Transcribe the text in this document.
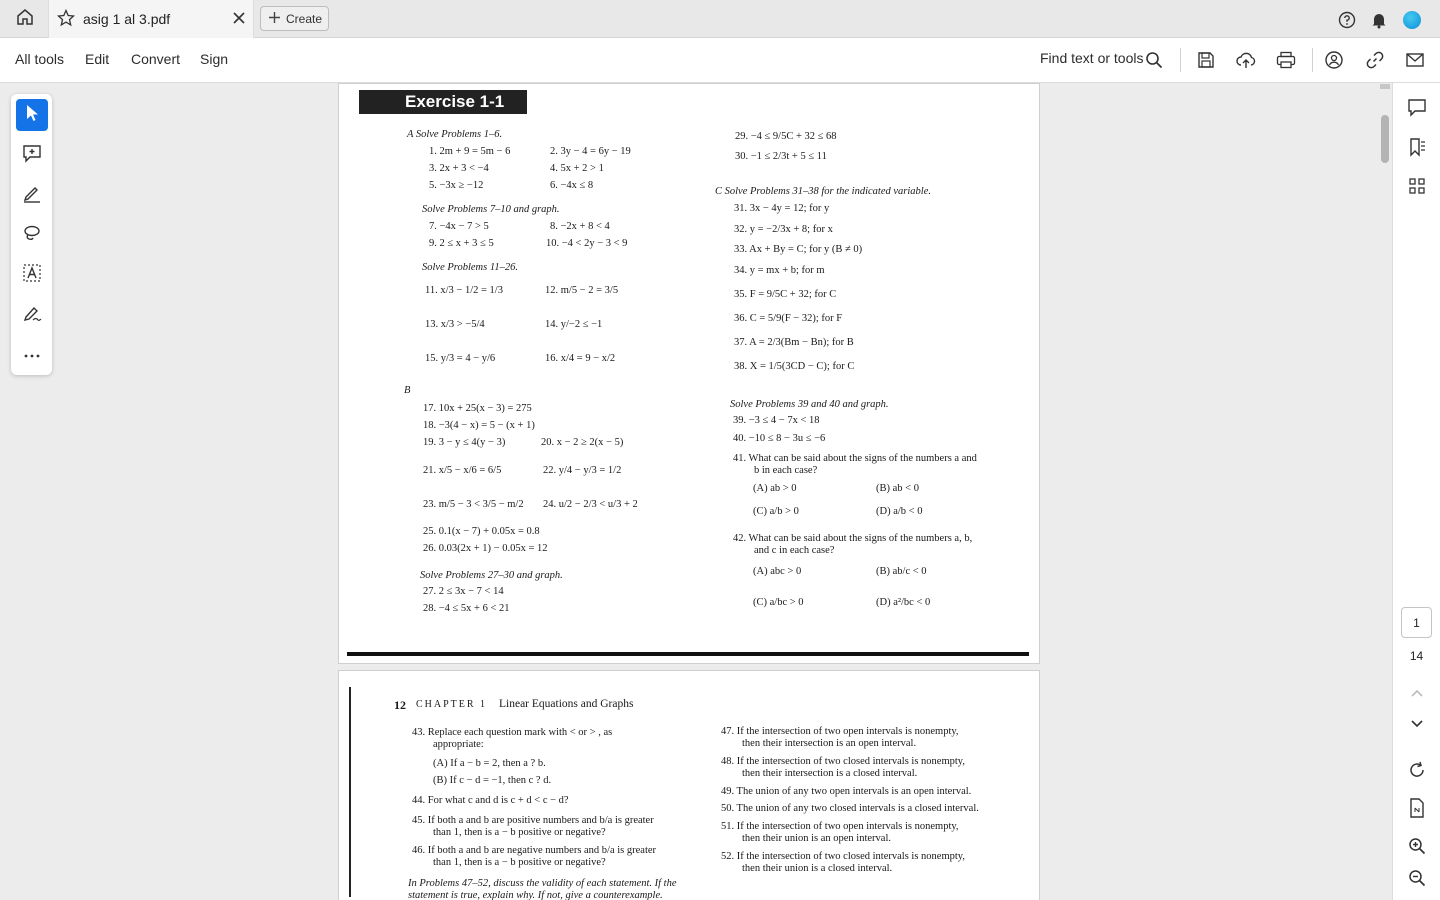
asig 1 al 3.pdf	Create
All tools Edit Convert Sign	Find text or tools
Exercise 1-1
A Solve Problems 1–6.
1. 2m + 9 = 5m − 6	2. 3y − 4 = 6y − 19
3. 2x + 3 < −4	4. 5x + 2 > 1
5. −3x ≥ −12	6. −4x ≤ 8
Solve Problems 7–10 and graph.
7. −4x − 7 > 5	8. −2x + 8 < 4
9. 2 ≤ x + 3 ≤ 5	10. −4 < 2y − 3 < 9
Solve Problems 11–26.
11. x/3 − 1/2 = 1/3	12. m/5 − 2 = 3/5
13. x/3 > −5/4	14. y/−2 ≤ −1
15. y/3 = 4 − y/6	16. x/4 = 9 − x/2
B
17. 10x + 25(x − 3) = 275
18. −3(4 − x) = 5 − (x + 1)
19. 3 − y ≤ 4(y − 3)	20. x − 2 ≥ 2(x − 5)
21. x/5 − x/6 = 6/5	22. y/4 − y/3 = 1/2
23. m/5 − 3 < 3/5 − m/2 24. u/2 − 2/3 < u/3 + 2
25. 0.1(x − 7) + 0.05x = 0.8
26. 0.03(2x + 1) − 0.05x = 12
Solve Problems 27–30 and graph.
27. 2 ≤ 3x − 7 < 14
28. −4 ≤ 5x + 6 < 21
29. −4 ≤ 9/5C + 32 ≤ 68
30. −1 ≤ 2/3t + 5 ≤ 11
C Solve Problems 31–38 for the indicated variable.
31. 3x − 4y = 12; for y
32. y = −2/3x + 8; for x
33. Ax + By = C; for y (B ≠ 0)
34. y = mx + b; for m
35. F = 9/5C + 32; for C
36. C = 5/9(F − 32); for F
37. A = 2/3(Bm − Bn); for B
38. X = 1/5(3CD − C); for C
Solve Problems 39 and 40 and graph.
39. −3 ≤ 4 − 7x < 18
40. −10 ≤ 8 − 3u ≤ −6
41. What can be said about the signs of the numbers a and
b in each case?
(A) ab > 0	(B) ab < 0
(C) a/b > 0	(D) a/b < 0
42. What can be said about the signs of the numbers a, b,
and c in each case?
(A) abc > 0	(B) ab/c < 0
(C) a/bc > 0	(D) a²/bc < 0
12 CHAPTER 1 Linear Equations and Graphs
43. Replace each question mark with < or > , as
appropriate:
(A) If a − b = 2, then a ? b.
(B) If c − d = −1, then c ? d.
44. For what c and d is c + d < c − d?
45. If both a and b are positive numbers and b/a is greater
than 1, then is a − b positive or negative?
46. If both a and b are negative numbers and b/a is greater
than 1, then is a − b positive or negative?
In Problems 47–52, discuss the validity of each statement. If the
statement is true, explain why. If not, give a counterexample.
47. If the intersection of two open intervals is nonempty,
then their intersection is an open interval.
48. If the intersection of two closed intervals is nonempty,
then their intersection is a closed interval.
49. The union of any two open intervals is an open interval.
50. The union of any two closed intervals is a closed interval.
51. If the intersection of two open intervals is nonempty,
then their union is an open interval.
52. If the intersection of two closed intervals is nonempty,
then their union is a closed interval.
1
14
